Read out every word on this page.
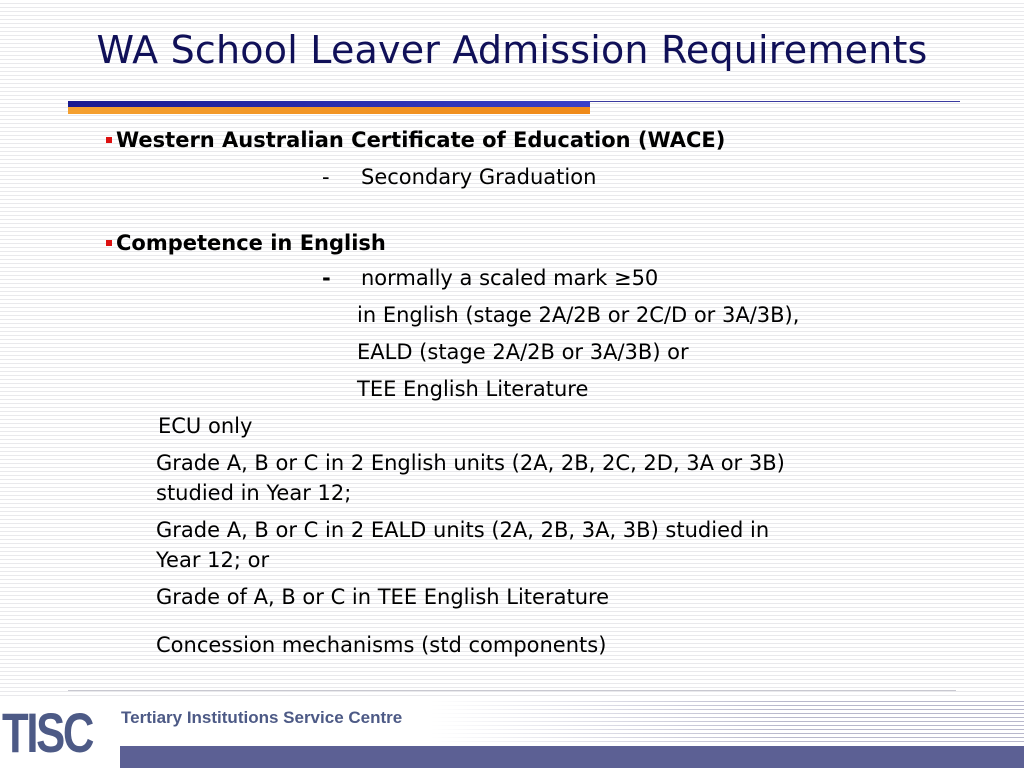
WA School Leaver Admission Requirements
Western Australian Certificate of Education (WACE)
- Secondary Graduation
Competence in English
- normally a scaled mark ≥50
in English (stage 2A/2B or 2C/D or 3A/3B),
EALD (stage 2A/2B or 3A/3B) or
TEE English Literature
ECU only
Grade A, B or C in 2 English units (2A, 2B, 2C, 2D, 3A or 3B)
studied in Year 12;
Grade A, B or C in 2 EALD units (2A, 2B, 3A, 3B) studied in
Year 12; or
Grade of A, B or C in TEE English Literature
Concession mechanisms (std components)
TISC Tertiary Institutions Service Centre
